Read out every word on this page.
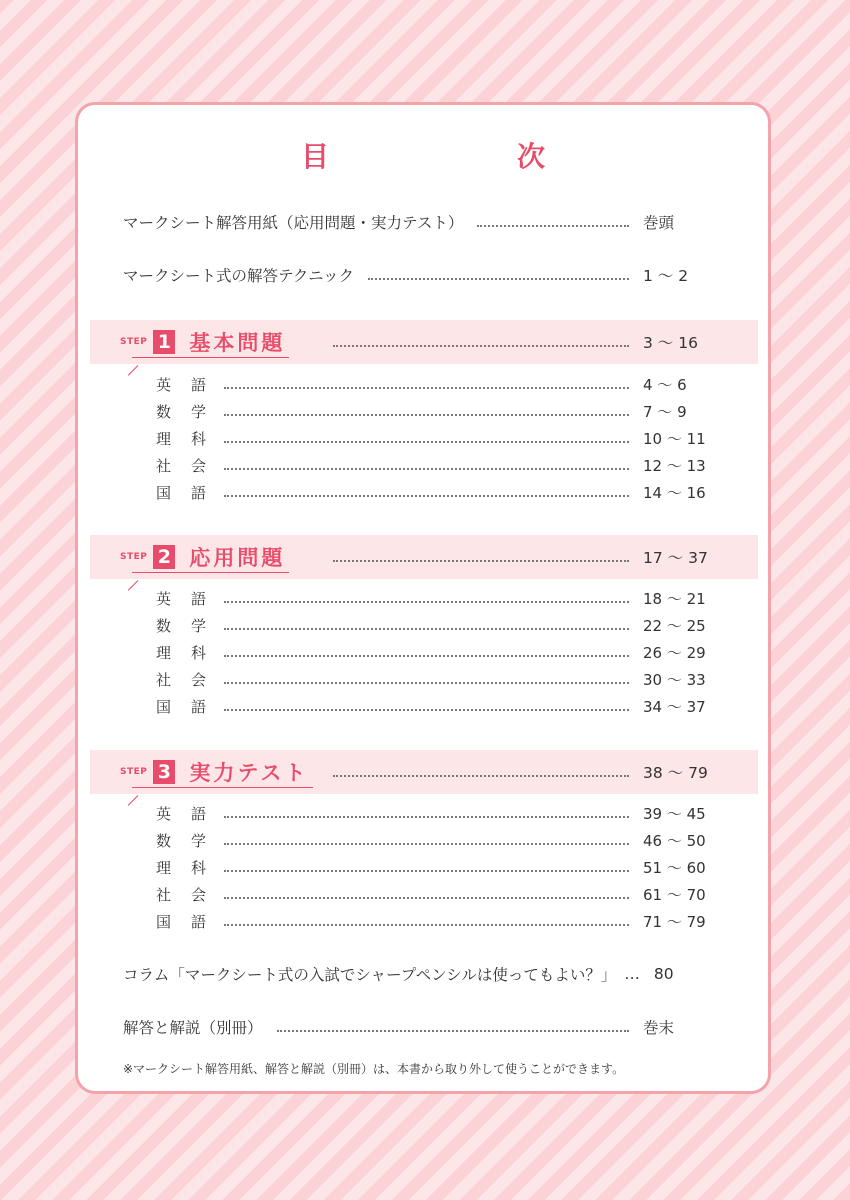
目　次
マークシート解答用紙（応用問題・実力テスト）	巻頭
マークシート式の解答テクニック	1 ～ 2
STEP 1 基本問題	3 ～ 16
英 語	4 ～ 6
数 学	7 ～ 9
理 科	10 ～ 11
社 会	12 ～ 13
国 語	14 ～ 16
STEP 2 応用問題	17 ～ 37
英 語	18 ～ 21
数 学	22 ～ 25
理 科	26 ～ 29
社 会	30 ～ 33
国 語	34 ～ 37
STEP 3 実力テスト	38 ～ 79
英 語	39 ～ 45
数 学	46 ～ 50
理 科	51 ～ 60
社 会	61 ～ 70
国 語	71 ～ 79
コラム「マークシート式の入試でシャープペンシルは使ってもよい？」 … 80
解答と解説（別冊）	巻末
※マークシート解答用紙、解答と解説（別冊）は、本書から取り外して使うことができます。
